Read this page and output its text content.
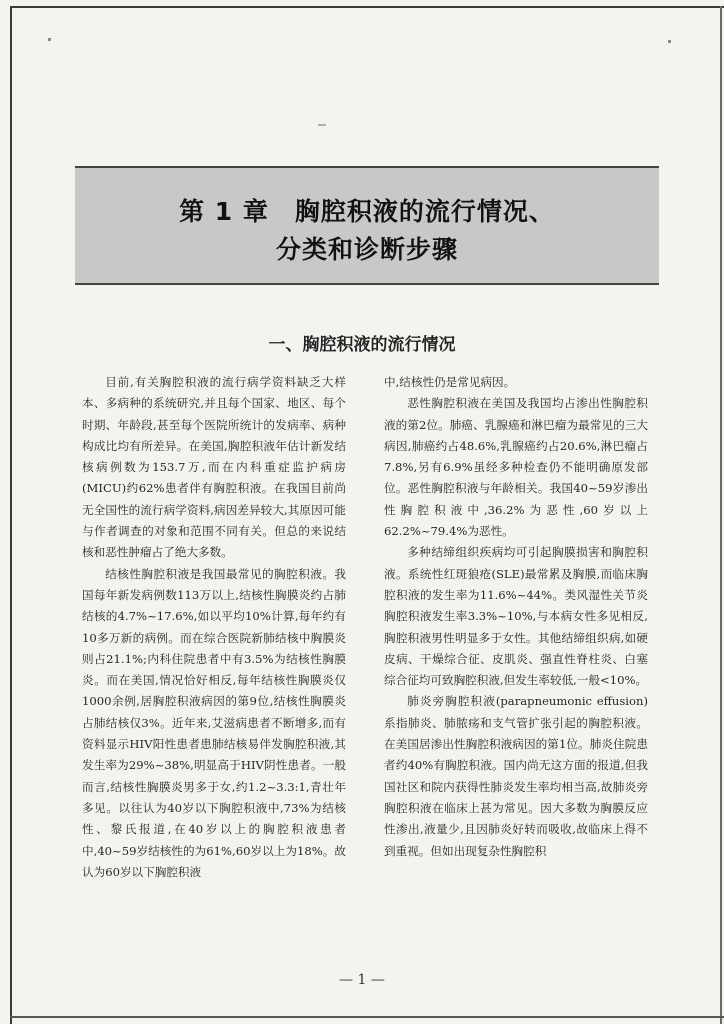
第 1 章　胸腔积液的流行情况、
分类和诊断步骤
一、胸腔积液的流行情况

目前,有关胸腔积液的流行病学资料缺乏大样本、多病种的系统研究,并且每个国家、地区、每个时期、年龄段,甚至每个医院所统计的发病率、病种构成比均有所差异。在美国,胸腔积液年估计新发结核病例数为153.7万,而在内科重症监护病房(MICU)约62%患者伴有胸腔积液。在我国目前尚无全国性的流行病学资料,病因差异较大,其原因可能与作者调查的对象和范围不同有关。但总的来说结核和恶性肿瘤占了绝大多数。

结核性胸腔积液是我国最常见的胸腔积液。我国每年新发病例数113万以上,结核性胸膜炎约占肺结核的4.7%~17.6%,如以平均10%计算,每年约有10多万新的病例。而在综合医院新肺结核中胸膜炎则占21.1%;内科住院患者中有3.5%为结核性胸膜炎。而在美国,情况恰好相反,每年结核性胸膜炎仅1000余例,居胸腔积液病因的第9位,结核性胸膜炎占肺结核仅3%。近年来,艾滋病患者不断增多,而有资料显示HIV阳性患者患肺结核易伴发胸腔积液,其发生率为29%~38%,明显高于HIV阴性患者。一般而言,结核性胸膜炎男多于女,约1.2~3.3:1,青壮年多见。以往认为40岁以下胸腔积液中,73%为结核性、黎氏报道,在40岁以上的胸腔积液患者中,40~59岁结核性的为61%,60岁以上为18%。故认为60岁以下胸腔积液

中,结核性仍是常见病因。

恶性胸腔积液在美国及我国均占渗出性胸腔积液的第2位。肺癌、乳腺癌和淋巴瘤为最常见的三大病因,肺癌约占48.6%,乳腺癌约占20.6%,淋巴瘤占7.8%,另有6.9%虽经多种检查仍不能明确原发部位。恶性胸腔积液与年龄相关。我国40~59岁渗出性胸腔积液中,36.2%为恶性,60岁以上62.2%~79.4%为恶性。

多种结缔组织疾病均可引起胸膜损害和胸腔积液。系统性红斑狼疮(SLE)最常累及胸膜,而临床胸腔积液的发生率为11.6%~44%。类风湿性关节炎胸腔积液发生率3.3%~10%,与本病女性多见相反,胸腔积液男性明显多于女性。其他结缔组织病,如硬皮病、干燥综合征、皮肌炎、强直性脊柱炎、白塞综合征均可致胸腔积液,但发生率较低,一般<10%。

肺炎旁胸腔积液(parapneumonic effusion)系指肺炎、肺脓疡和支气管扩张引起的胸腔积液。在美国居渗出性胸腔积液病因的第1位。肺炎住院患者约40%有胸腔积液。国内尚无这方面的报道,但我国社区和院内获得性肺炎发生率均相当高,故肺炎旁胸腔积液在临床上甚为常见。因大多数为胸膜反应性渗出,液量少,且因肺炎好转而吸收,故临床上得不到重视。但如出现复杂性胸腔积

— 1 —
